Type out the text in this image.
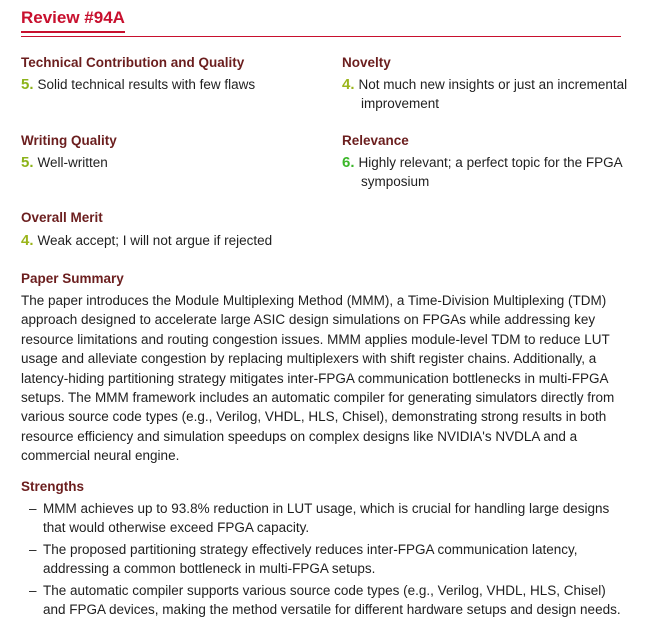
Review #94A
Technical Contribution and Quality
5. Solid technical results with few flaws
Novelty
4. Not much new insights or just an incremental improvement
Writing Quality
5. Well-written
Relevance
6. Highly relevant; a perfect topic for the FPGA symposium
Overall Merit
4. Weak accept; I will not argue if rejected
Paper Summary
The paper introduces the Module Multiplexing Method (MMM), a Time-Division Multiplexing (TDM) approach designed to accelerate large ASIC design simulations on FPGAs while addressing key resource limitations and routing congestion issues. MMM applies module-level TDM to reduce LUT usage and alleviate congestion by replacing multiplexers with shift register chains. Additionally, a latency-hiding partitioning strategy mitigates inter-FPGA communication bottlenecks in multi-FPGA setups. The MMM framework includes an automatic compiler for generating simulators directly from various source code types (e.g., Verilog, VHDL, HLS, Chisel), demonstrating strong results in both resource efficiency and simulation speedups on complex designs like NVIDIA's NVDLA and a commercial neural engine.
Strengths
– MMM achieves up to 93.8% reduction in LUT usage, which is crucial for handling large designs that would otherwise exceed FPGA capacity.
– The proposed partitioning strategy effectively reduces inter-FPGA communication latency, addressing a common bottleneck in multi-FPGA setups.
– The automatic compiler supports various source code types (e.g., Verilog, VHDL, HLS, Chisel) and FPGA devices, making the method versatile for different hardware setups and design needs.
